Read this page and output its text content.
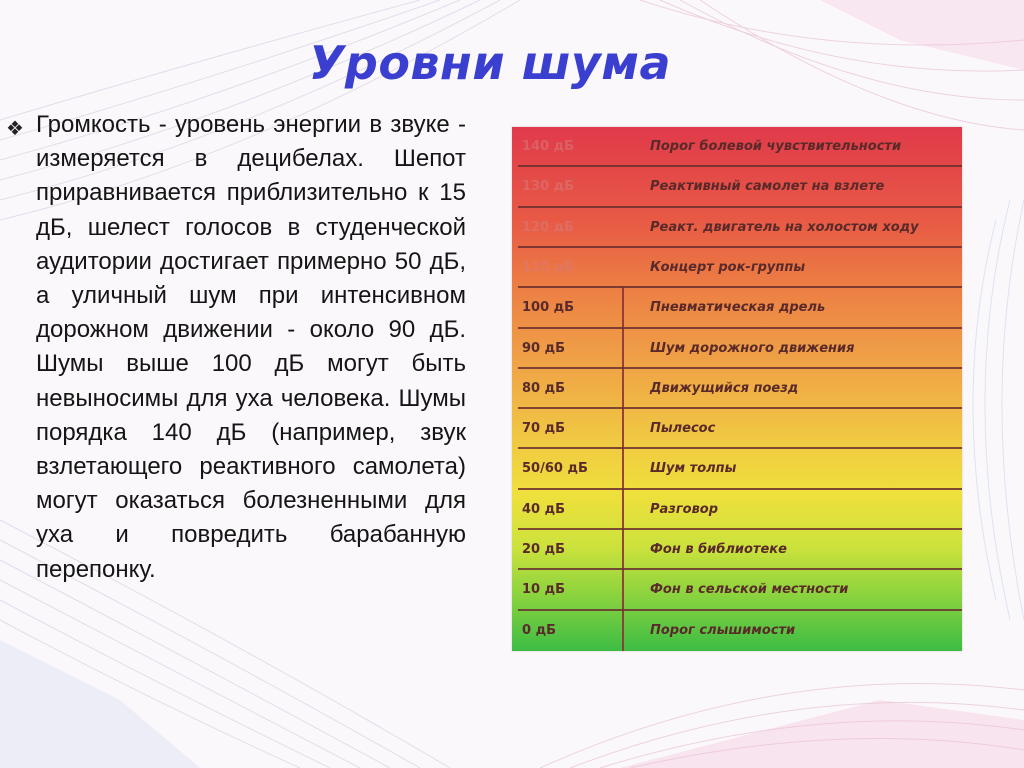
Уровни шума
❖ Громкость - уровень энергии в звуке - измеряется в децибелах. Шепот приравнивается приблизительно к 15 дБ, шелест голосов в студенческой аудитории достигает примерно 50 дБ, а уличный шум при интенсивном дорожном движении - около 90 дБ. Шумы выше 100 дБ могут быть невыносимы для уха человека. Шумы порядка 140 дБ (например, звук взлетающего реактивного самолета) могут оказаться болезненными для уха и повредить барабанную перепонку.
140 дБ	Порог болевой чувствительности
130 дБ	Реактивный самолет на взлете
120 дБ	Реакт. двигатель на холостом ходу
110 дБ	Концерт рок-группы
100 дБ	Пневматическая дрель
90 дБ	Шум дорожного движения
80 дБ	Движущийся поезд
70 дБ	Пылесос
50/60 дБ	Шум толпы
40 дБ	Разговор
20 дБ	Фон в библиотеке
10 дБ	Фон в сельской местности
0 дБ	Порог слышимости
